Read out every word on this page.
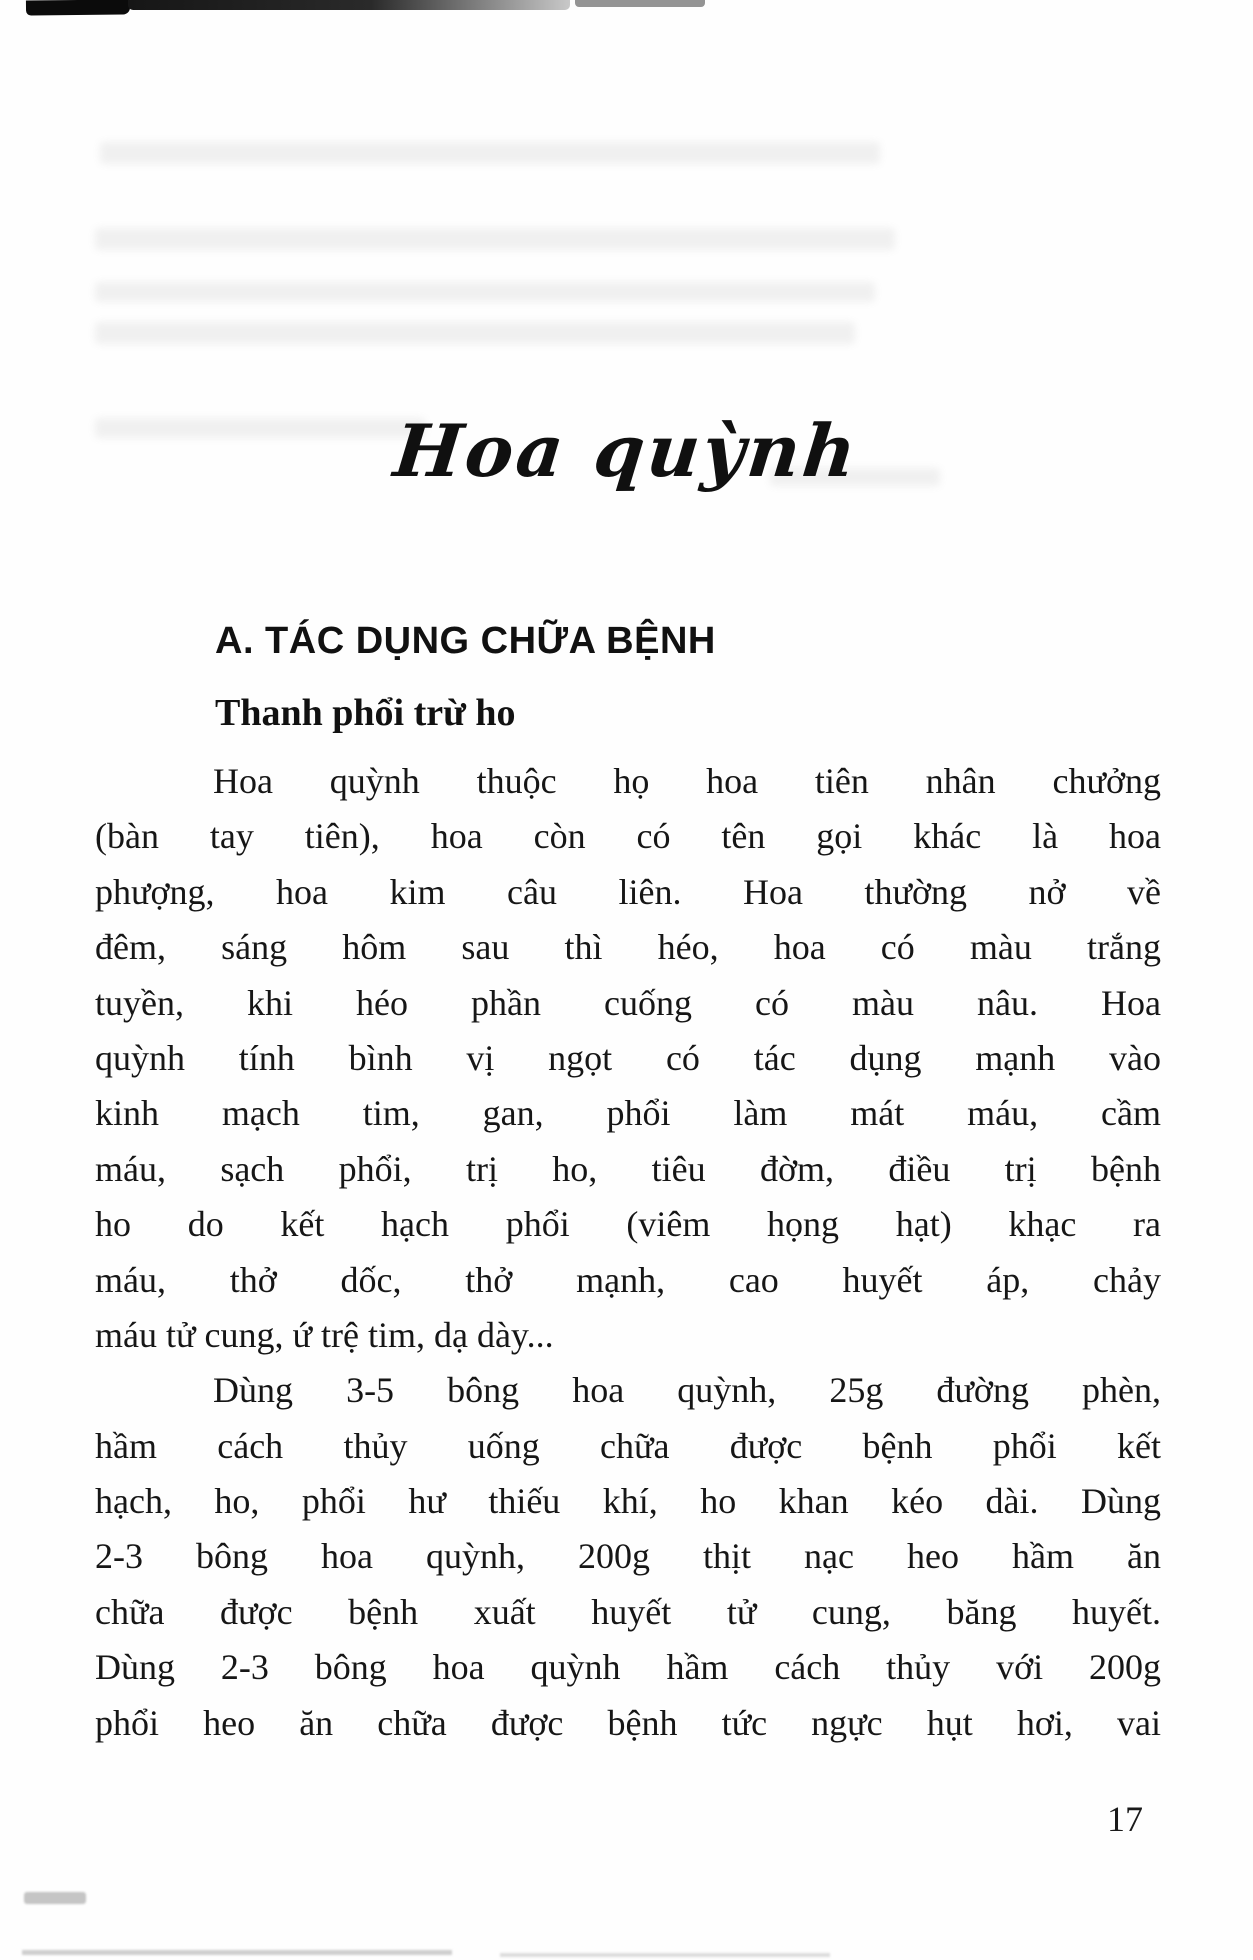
Hoa quỳnh
A. TÁC DỤNG CHỮA BỆNH
Thanh phổi trừ ho
Hoa quỳnh thuộc họ hoa tiên nhân chưởng
(bàn tay tiên), hoa còn có tên gọi khác là hoa
phượng, hoa kim câu liên. Hoa thường nở về
đêm, sáng hôm sau thì héo, hoa có màu trắng
tuyền, khi héo phần cuống có màu nâu. Hoa
quỳnh tính bình vị ngọt có tác dụng mạnh vào
kinh mạch tim, gan, phổi làm mát máu, cầm
máu, sạch phổi, trị ho, tiêu đờm, điều trị bệnh
ho do kết hạch phổi (viêm họng hạt) khạc ra
máu, thở dốc, thở mạnh, cao huyết áp, chảy
máu tử cung, ứ trệ tim, dạ dày...
Dùng 3-5 bông hoa quỳnh, 25g đường phèn,
hầm cách thủy uống chữa được bệnh phổi kết
hạch, ho, phổi hư thiếu khí, ho khan kéo dài. Dùng
2-3 bông hoa quỳnh, 200g thịt nạc heo hầm ăn
chữa được bệnh xuất huyết tử cung, băng huyết.
Dùng 2-3 bông hoa quỳnh hầm cách thủy với 200g
phổi heo ăn chữa được bệnh tức ngực hụt hơi, vai
17
